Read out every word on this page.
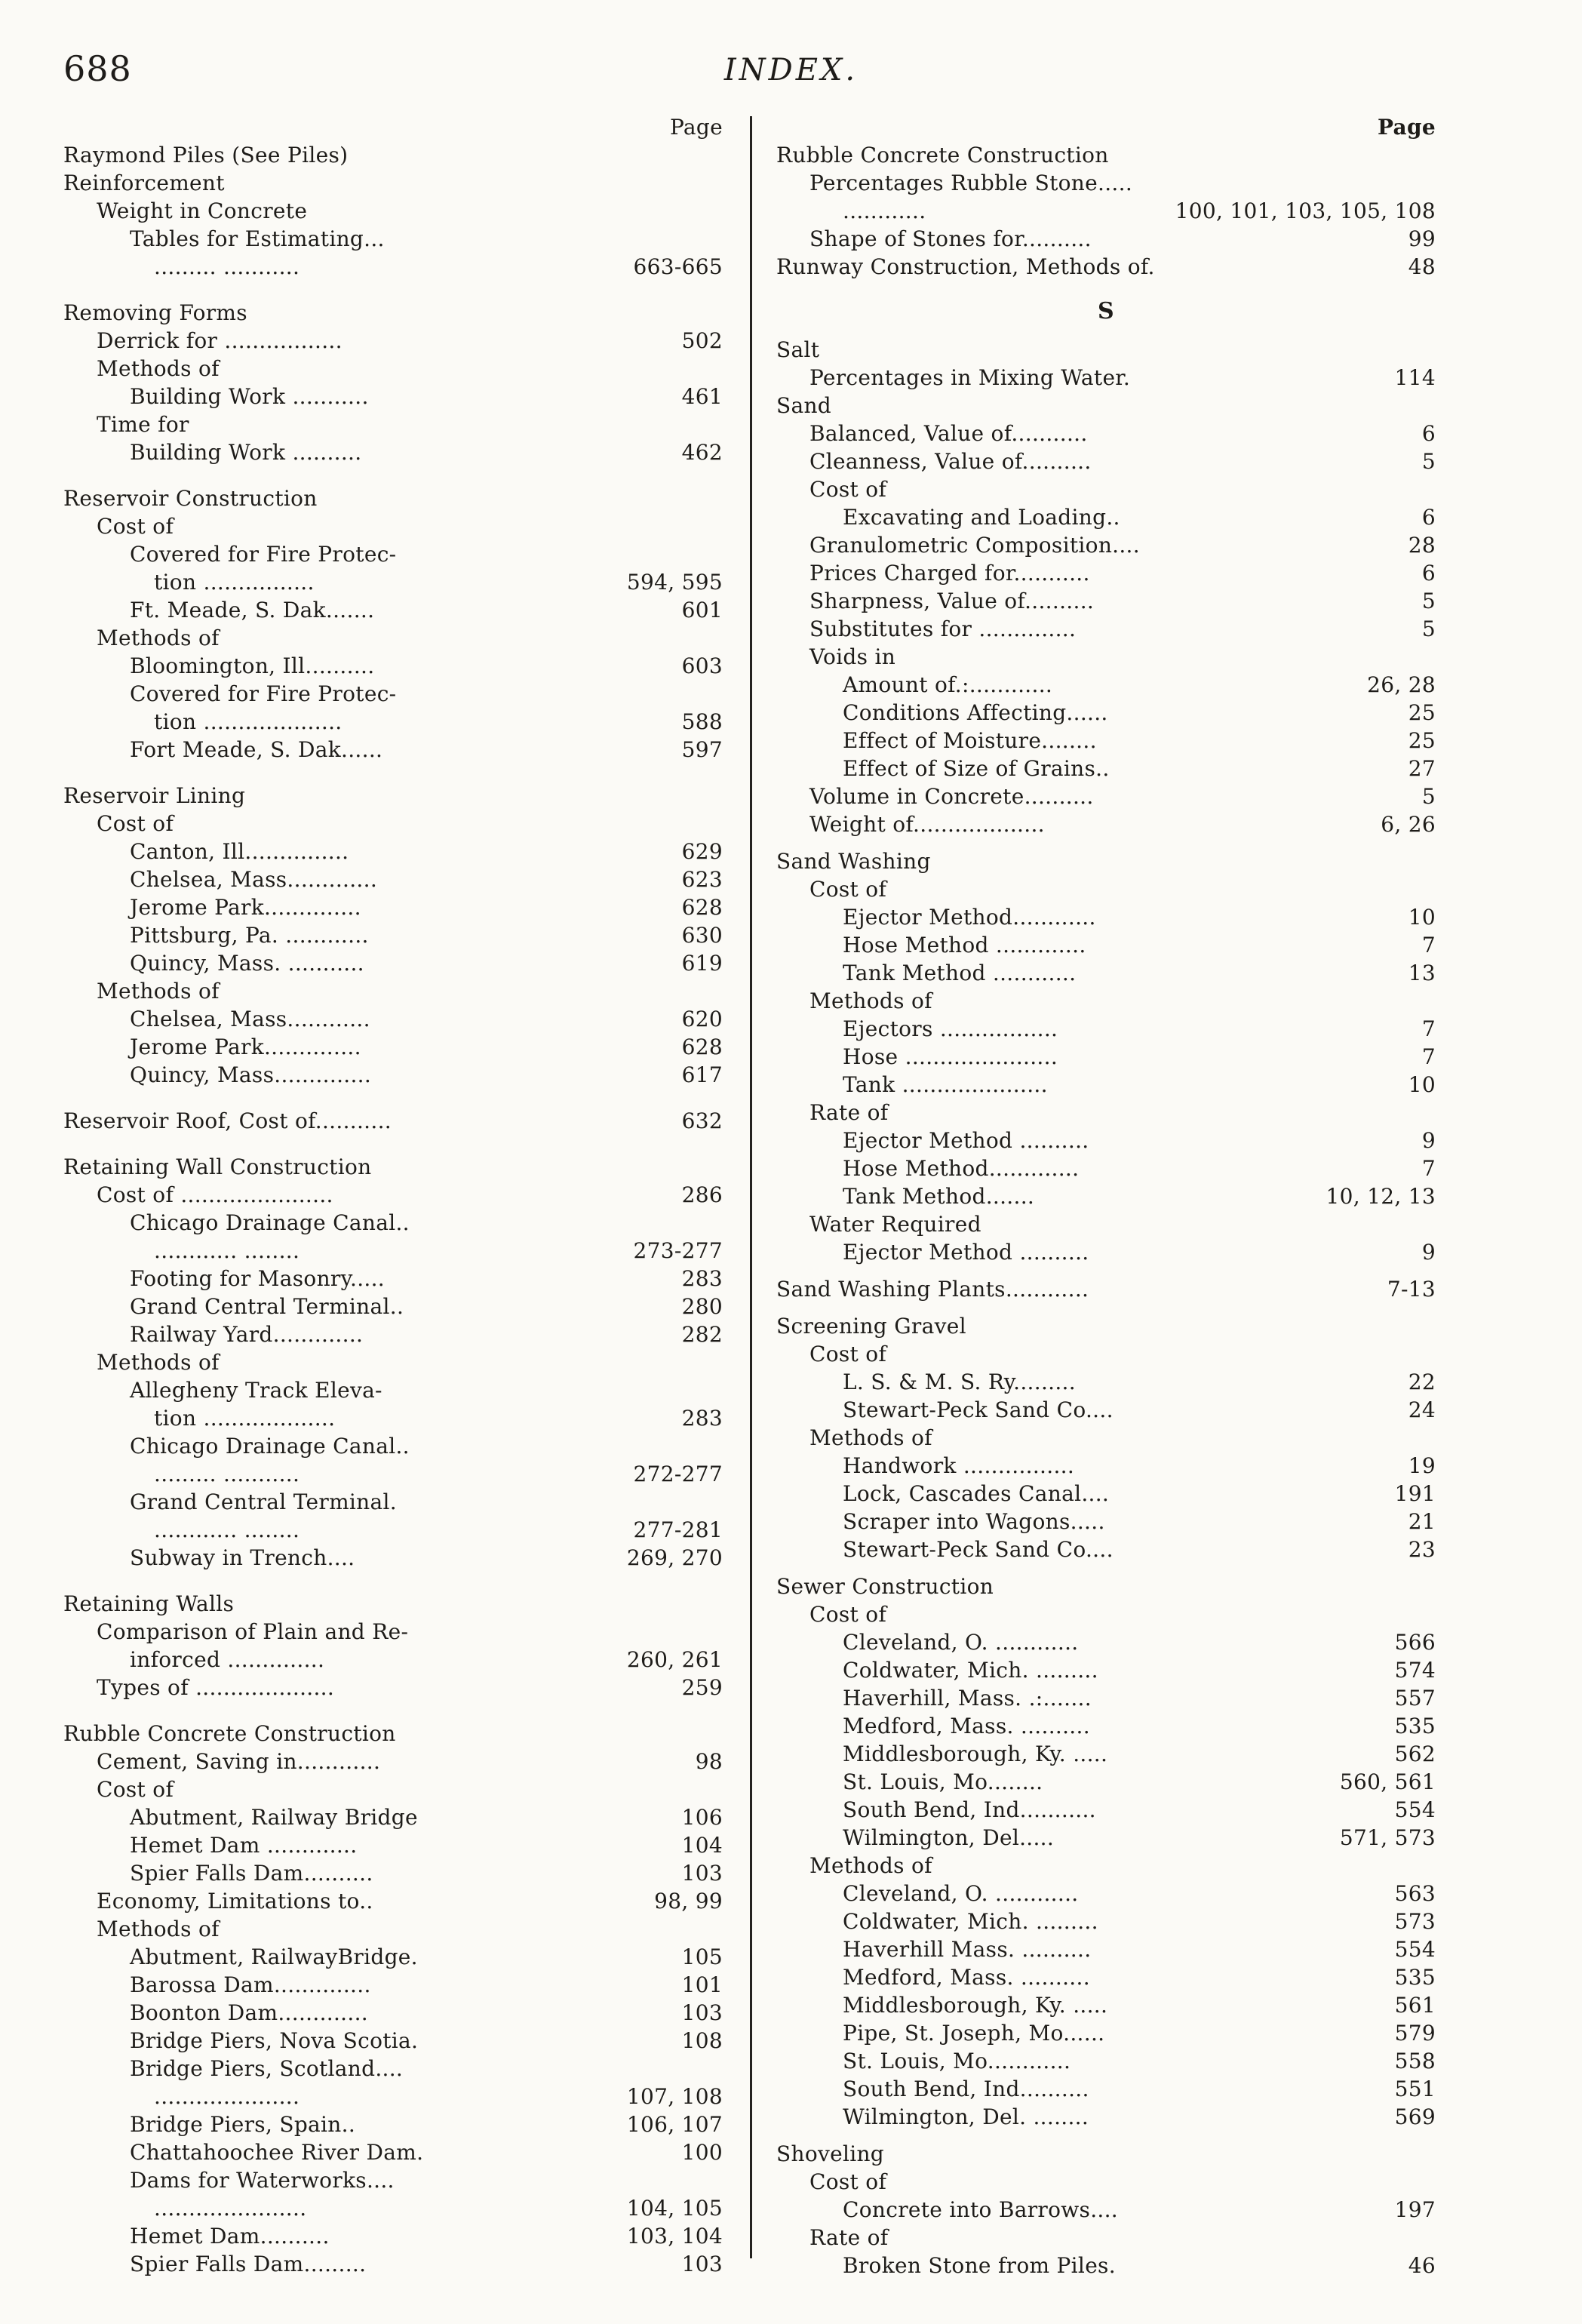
688	INDEX.
Page
Raymond Piles (See Piles)
Reinforcement
Weight in Concrete
Tables for Estimating...
......... ...........	663-665
Removing Forms
Derrick for .................	502
Methods of
Building Work ...........	461
Time for
Building Work ..........	462
Reservoir Construction
Cost of
Covered for Fire Protec-
tion ................	594, 595
Ft. Meade, S. Dak.......	601
Methods of
Bloomington, Ill..........	603
Covered for Fire Protec-
tion ....................	588
Fort Meade, S. Dak......	597
Reservoir Lining
Cost of
Canton, Ill...............	629
Chelsea, Mass.............	623
Jerome Park..............	628
Pittsburg, Pa. ............	630
Quincy, Mass. ...........	619
Methods of
Chelsea, Mass............	620
Jerome Park..............	628
Quincy, Mass..............	617
Reservoir Roof, Cost of...........	632
Retaining Wall Construction
Cost of ......................	286
Chicago Drainage Canal..
............ ........	273-277
Footing for Masonry.....	283
Grand Central Terminal..	280
Railway Yard.............	282
Methods of
Allegheny Track Eleva-
tion ...................	283
Chicago Drainage Canal..
......... ...........	272-277
Grand Central Terminal.
............ ........	277-281
Subway in Trench....	269, 270
Retaining Walls
Comparison of Plain and Re-
inforced ..............	260, 261
Types of ....................	259
Rubble Concrete Construction
Cement, Saving in............	98
Cost of
Abutment, Railway Bridge	106
Hemet Dam .............	104
Spier Falls Dam..........	103
Economy, Limitations to..	98, 99
Methods of
Abutment, RailwayBridge.	105
Barossa Dam..............	101
Boonton Dam.............	103
Bridge Piers, Nova Scotia.	108
Bridge Piers, Scotland....
.....................	107, 108
Bridge Piers, Spain..	106, 107
Chattahoochee River Dam.	100
Dams for Waterworks....
......................	104, 105
Hemet Dam..........	103, 104
Spier Falls Dam.........	103
Page
Rubble Concrete Construction
Percentages Rubble Stone.....
............	100, 101, 103, 105, 108
Shape of Stones for..........	99
Runway Construction, Methods of.	48
S
Salt
Percentages in Mixing Water.	114
Sand
Balanced, Value of...........	6
Cleanness, Value of..........	5
Cost of
Excavating and Loading..	6
Granulometric Composition....	28
Prices Charged for...........	6
Sharpness, Value of..........	5
Substitutes for ..............	5
Voids in
Amount of.:............	26, 28
Conditions Affecting......	25
Effect of Moisture........	25
Effect of Size of Grains..	27
Volume in Concrete..........	5
Weight of...................	6, 26
Sand Washing
Cost of
Ejector Method............	10
Hose Method .............	7
Tank Method ............	13
Methods of
Ejectors .................	7
Hose ......................	7
Tank .....................	10
Rate of
Ejector Method ..........	9
Hose Method.............	7
Tank Method.......	10, 12, 13
Water Required
Ejector Method ..........	9
Sand Washing Plants............	7-13
Screening Gravel
Cost of
L. S. & M. S. Ry.........	22
Stewart-Peck Sand Co....	24
Methods of
Handwork ................	19
Lock, Cascades Canal....	191
Scraper into Wagons.....	21
Stewart-Peck Sand Co....	23
Sewer Construction
Cost of
Cleveland, O. ............	566
Coldwater, Mich. .........	574
Haverhill, Mass. .:.......	557
Medford, Mass. ..........	535
Middlesborough, Ky. .....	562
St. Louis, Mo........	560, 561
South Bend, Ind...........	554
Wilmington, Del.....	571, 573
Methods of
Cleveland, O. ............	563
Coldwater, Mich. .........	573
Haverhill Mass. ..........	554
Medford, Mass. ..........	535
Middlesborough, Ky. .....	561
Pipe, St. Joseph, Mo......	579
St. Louis, Mo............	558
South Bend, Ind..........	551
Wilmington, Del. ........	569
Shoveling
Cost of
Concrete into Barrows....	197
Rate of
Broken Stone from Piles.	46
